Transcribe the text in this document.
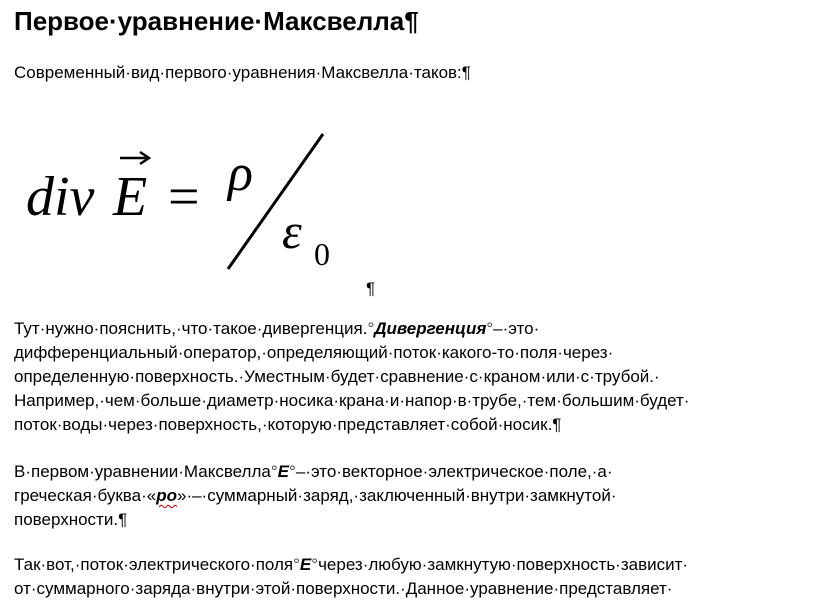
Первое·уравнение·Максвелла¶
Современный·вид·первого·уравнения·Максвелла·таков:¶
div E = ρ
ε 0
¶
Тут·нужно·пояснить,·что·такое·дивергенция.°Дивергенция°–·это·
дифференциальный·оператор,·определяющий·поток·какого-то·поля·через·
определенную·поверхность.·Уместным·будет·сравнение·с·краном·или·с·трубой.·
Например,·чем·больше·диаметр·носика·крана·и·напор·в·трубе,·тем·большим·будет·
поток·воды·через·поверхность,·которую·представляет·собой·носик.¶
В·первом·уравнении·Максвелла°E°–·это·векторное·электрическое·поле,·а·
греческая·буква·«ро»·–·суммарный·заряд,·заключенный·внутри·замкнутой·
поверхности.¶
Так·вот,·поток·электрического·поля°E°через·любую·замкнутую·поверхность·зависит·
от·суммарного·заряда·внутри·этой·поверхности.·Данное·уравнение·представляет·
